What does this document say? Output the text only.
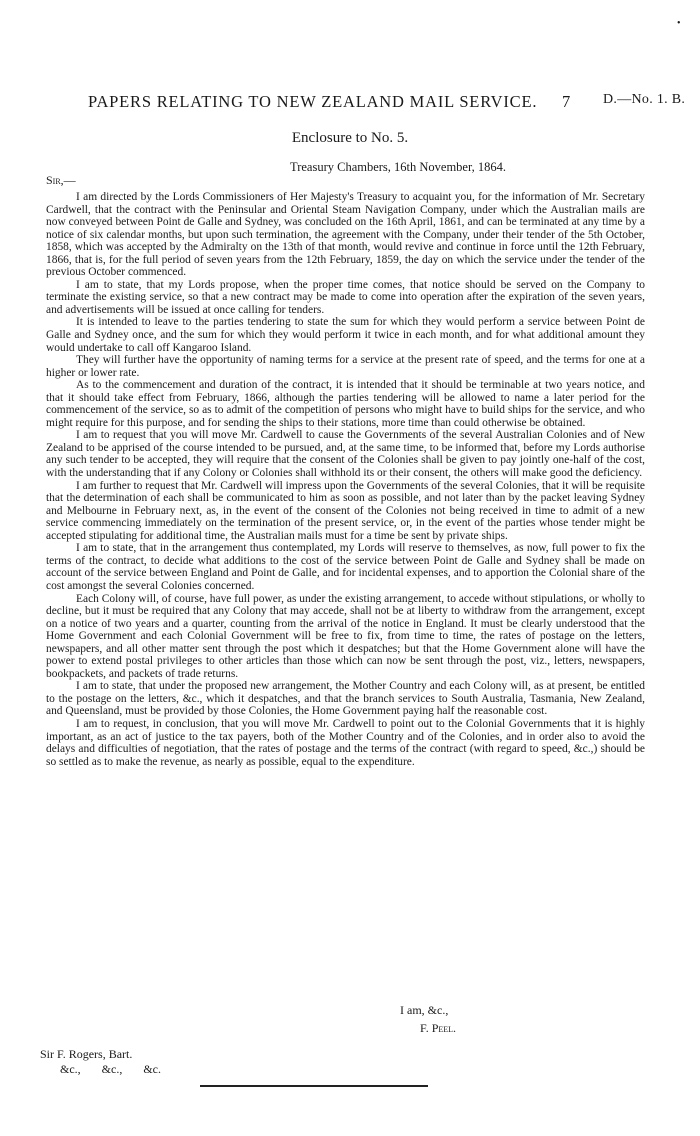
•
PAPERS RELATING TO NEW ZEALAND MAIL SERVICE. 7 D.—No. 1. B.
Enclosure to No. 5.
Treasury Chambers, 16th November, 1864.
Sir,—

I am directed by the Lords Commissioners of Her Majesty's Treasury to acquaint you, for the information of Mr. Secretary Cardwell, that the contract with the Peninsular and Oriental Steam Navigation Company, under which the Australian mails are now conveyed between Point de Galle and Sydney, was concluded on the 16th April, 1861, and can be terminated at any time by a notice of six calendar months, but upon such termination, the agreement with the Company, under their tender of the 5th October, 1858, which was accepted by the Admiralty on the 13th of that month, would revive and continue in force until the 12th February, 1866, that is, for the full period of seven years from the 12th February, 1859, the day on which the service under the tender of the previous October commenced.

I am to state, that my Lords propose, when the proper time comes, that notice should be served on the Company to terminate the existing service, so that a new contract may be made to come into operation after the expiration of the seven years, and advertisements will be issued at once calling for tenders.

It is intended to leave to the parties tendering to state the sum for which they would perform a service between Point de Galle and Sydney once, and the sum for which they would perform it twice in each month, and for what additional amount they would undertake to call off Kangaroo Island.

They will further have the opportunity of naming terms for a service at the present rate of speed, and the terms for one at a higher or lower rate.

As to the commencement and duration of the contract, it is intended that it should be terminable at two years notice, and that it should take effect from February, 1866, although the parties tendering will be allowed to name a later period for the commencement of the service, so as to admit of the competition of persons who might have to build ships for the service, and who might require for this purpose, and for sending the ships to their stations, more time than could otherwise be obtained.

I am to request that you will move Mr. Cardwell to cause the Governments of the several Australian Colonies and of New Zealand to be apprised of the course intended to be pursued, and, at the same time, to be informed that, before my Lords authorise any such tender to be accepted, they will require that the consent of the Colonies shall be given to pay jointly one-half of the cost, with the understanding that if any Colony or Colonies shall withhold its or their consent, the others will make good the deficiency.

I am further to request that Mr. Cardwell will impress upon the Governments of the several Colonies, that it will be requisite that the determination of each shall be communicated to him as soon as possible, and not later than by the packet leaving Sydney and Melbourne in February next, as, in the event of the consent of the Colonies not being received in time to admit of a new service commencing immediately on the termination of the present service, or, in the event of the parties whose tender might be accepted stipulating for additional time, the Australian mails must for a time be sent by private ships.

I am to state, that in the arrangement thus contemplated, my Lords will reserve to themselves, as now, full power to fix the terms of the contract, to decide what additions to the cost of the service between Point de Galle and Sydney shall be made on account of the service between England and Point de Galle, and for incidental expenses, and to apportion the Colonial share of the cost amongst the several Colonies concerned.

Each Colony will, of course, have full power, as under the existing arrangement, to accede without stipulations, or wholly to decline, but it must be required that any Colony that may accede, shall not be at liberty to withdraw from the arrangement, except on a notice of two years and a quarter, counting from the arrival of the notice in England. It must be clearly understood that the Home Government and each Colonial Government will be free to fix, from time to time, the rates of postage on the letters, newspapers, and all other matter sent through the post which it despatches; but that the Home Government alone will have the power to extend postal privileges to other articles than those which can now be sent through the post, viz., letters, newspapers, bookpackets, and packets of trade returns.

I am to state, that under the proposed new arrangement, the Mother Country and each Colony will, as at present, be entitled to the postage on the letters, &c., which it despatches, and that the branch services to South Australia, Tasmania, New Zealand, and Queensland, must be provided by those Colonies, the Home Government paying half the reasonable cost.

I am to request, in conclusion, that you will move Mr. Cardwell to point out to the Colonial Governments that it is highly important, as an act of justice to the tax payers, both of the Mother Country and of the Colonies, and in order also to avoid the delays and difficulties of negotiation, that the rates of postage and the terms of the contract (with regard to speed, &c.,) should be so settled as to make the revenue, as nearly as possible, equal to the expenditure.

I am, &c.,
F. Peel.
Sir F. Rogers, Bart.
&c., &c., &c.
